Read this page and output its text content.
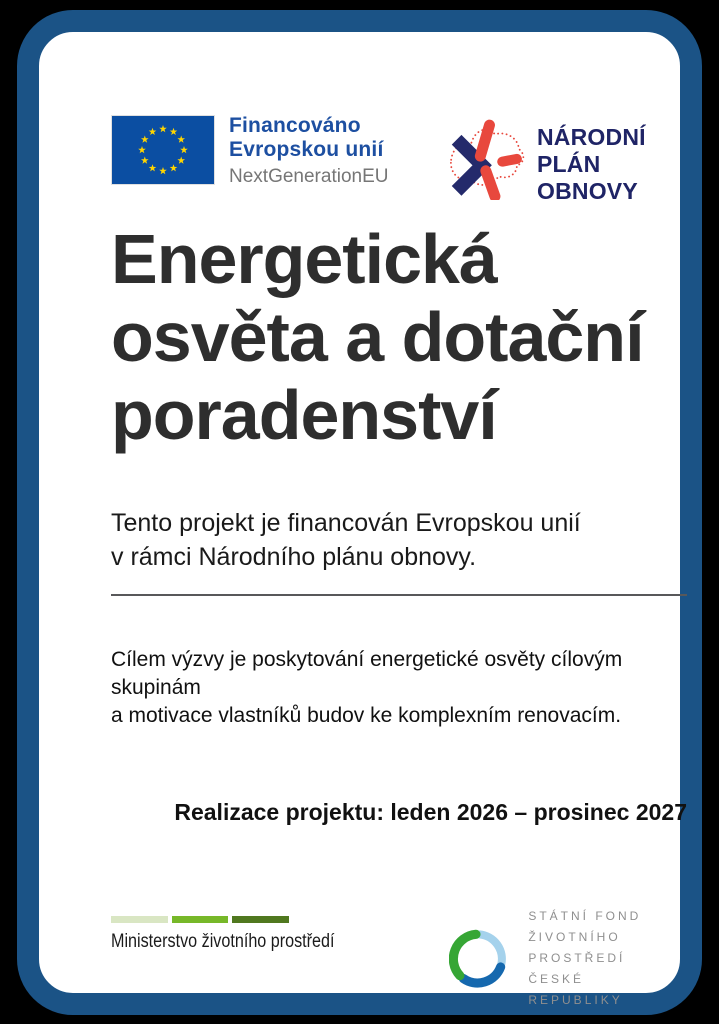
Financováno
Evropskou unií
NextGenerationEU
NÁRODNÍ
PLÁN OBNOVY
Energetická
osvěta a dotační
poradenství
Tento projekt je financován Evropskou unií
v rámci Národního plánu obnovy.
Cílem výzvy je poskytování energetické osvěty cílovým skupinám
a motivace vlastníků budov ke komplexním renovacím.
Realizace projektu: leden 2026 – prosinec 2027
Ministerstvo životního prostředí
STÁTNÍ FOND
ŽIVOTNÍHO PROSTŘEDÍ
ČESKÉ REPUBLIKY
